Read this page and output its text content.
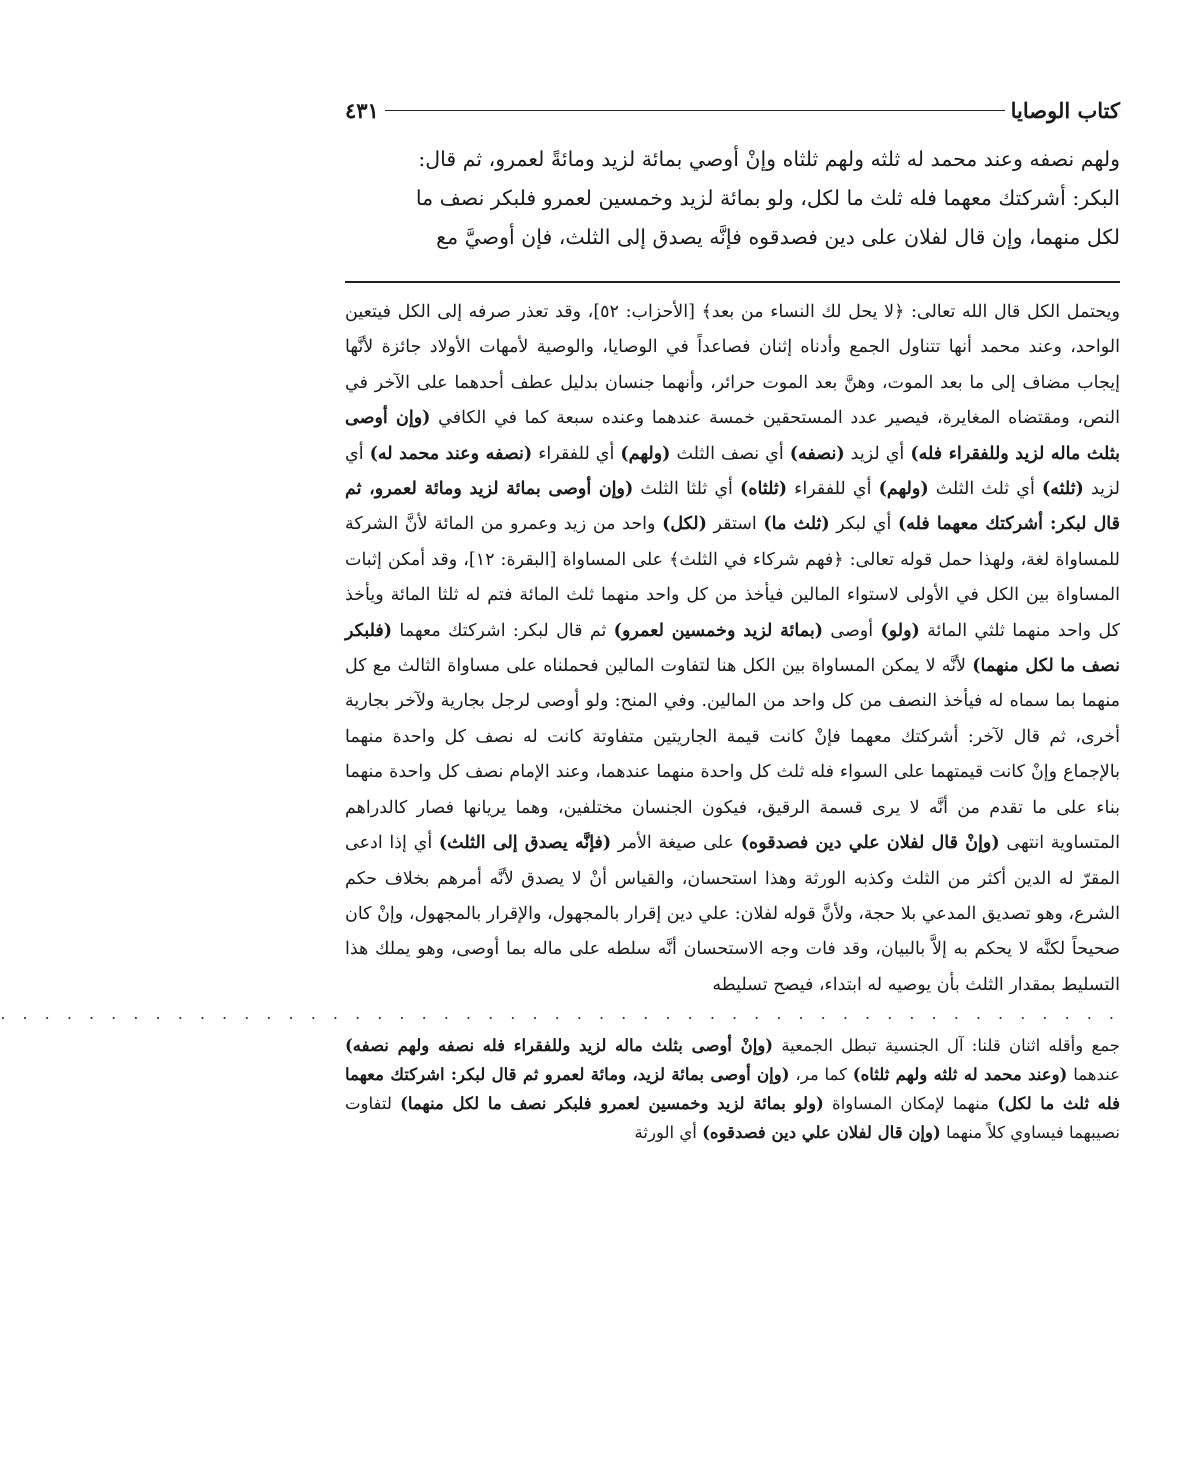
كتاب الوصايا
٤٣١

ولهم نصفه وعند محمد له ثلثه ولهم ثلثاه وإنْ أوصي بمائة لزيد ومائةً لعمرو، ثم قال:

البكر: أشركتك معهما فله ثلث ما لكل، ولو بمائة لزيد وخمسين لعمرو فلبكر نصف ما

لكل منهما، وإن قال لفلان على دين فصدقوه فإنَّه يصدق إلى الثلث، فإن أوصيَّ مع

ويحتمل الكل قال الله تعالى: ﴿لا يحل لك النساء من بعد﴾ [الأحزاب: ٥٢]، وقد تعذر صرفه إلى الكل فيتعين الواحد، وعند محمد أنها تتناول الجمع وأدناه إثنان فصاعداً في الوصايا، والوصية لأمهات الأولاد جائزة لأنَّها إيجاب مضاف إلى ما بعد الموت، وهنَّ بعد الموت حرائر، وأنهما جنسان بدليل عطف أحدهما على الآخر في النص، ومقتضاه المغايرة، فيصير عدد المستحقين خمسة عندهما وعنده سبعة كما في الكافي (وإن أوصى بثلث ماله لزيد وللفقراء فله) أي لزيد (نصفه) أي نصف الثلث (ولهم) أي للفقراء (نصفه وعند محمد له) أي لزيد (ثلثه) أي ثلث الثلث (ولهم) أي للفقراء (ثلثاه) أي ثلثا الثلث (وإن أوصى بمائة لزيد ومائة لعمرو، ثم قال لبكر: أشركتك معهما فله) أي لبكر (ثلث ما) استقر (لكل) واحد من زيد وعمرو من المائة لأنَّ الشركة للمساواة لغة، ولهذا حمل قوله تعالى: ﴿فهم شركاء في الثلث﴾ على المساواة [البقرة: ١٢]، وقد أمكن إثبات المساواة بين الكل في الأولى لاستواء المالين فيأخذ من كل واحد منهما ثلث المائة فتم له ثلثا المائة ويأخذ كل واحد منهما ثلثي المائة (ولو) أوصى (بمائة لزيد وخمسين لعمرو) ثم قال لبكر: اشركتك معهما (فلبكر نصف ما لكل منهما) لأنَّه لا يمكن المساواة بين الكل هنا لتفاوت المالين فحملناه على مساواة الثالث مع كل منهما بما سماه له فيأخذ النصف من كل واحد من المالين. وفي المنح: ولو أوصى لرجل بجارية ولآخر بجارية أخرى، ثم قال لآخر: أشركتك معهما فإنْ كانت قيمة الجاريتين متفاوتة كانت له نصف كل واحدة منهما بالإجماع وإنْ كانت قيمتهما على السواء فله ثلث كل واحدة منهما عندهما، وعند الإمام نصف كل واحدة منهما بناء على ما تقدم من أنَّه لا يرى قسمة الرقيق، فيكون الجنسان مختلفين، وهما يريانها فصار كالدراهم المتساوية انتهى (وإنْ قال لفلان علي دين فصدقوه) على صيغة الأمر (فإنَّه يصدق إلى الثلث) أي إذا ادعى المقرّ له الدين أكثر من الثلث وكذبه الورثة وهذا استحسان، والقياس أنْ لا يصدق لأنَّه أمرهم بخلاف حكم الشرع، وهو تصديق المدعي بلا حجة، ولأنَّ قوله لفلان: علي دين إقرار بالمجهول، والإقرار بالمجهول، وإنْ كان صحيحاً لكنَّه لا يحكم به إلاَّ بالبيان، وقد فات وجه الاستحسان أنَّه سلطه على ماله بما أوصى، وهو يملك هذا التسليط بمقدار الثلث بأن يوصيه له ابتداء، فيصح تسليطه

. . . . . . . . . . . . . . . . . . . . . . . . . . . . . . . . . . . . . . . . . . . . . . . . . . .

جمع وأقله اثنان قلنا: آل الجنسية تبطل الجمعية (وإنْ أوصى بثلث ماله لزيد وللفقراء فله نصفه ولهم نصفه) عندهما (وعند محمد له ثلثه ولهم ثلثاه) كما مر، (وإن أوصى بمائة لزيد، ومائة لعمرو ثم قال لبكر: اشركتك معهما فله ثلث ما لكل) منهما لإمكان المساواة (ولو بمائة لزيد وخمسين لعمرو فلبكر نصف ما لكل منهما) لتفاوت نصيبهما فيساوي كلاً منهما (وإن قال لفلان علي دين فصدقوه) أي الورثة
